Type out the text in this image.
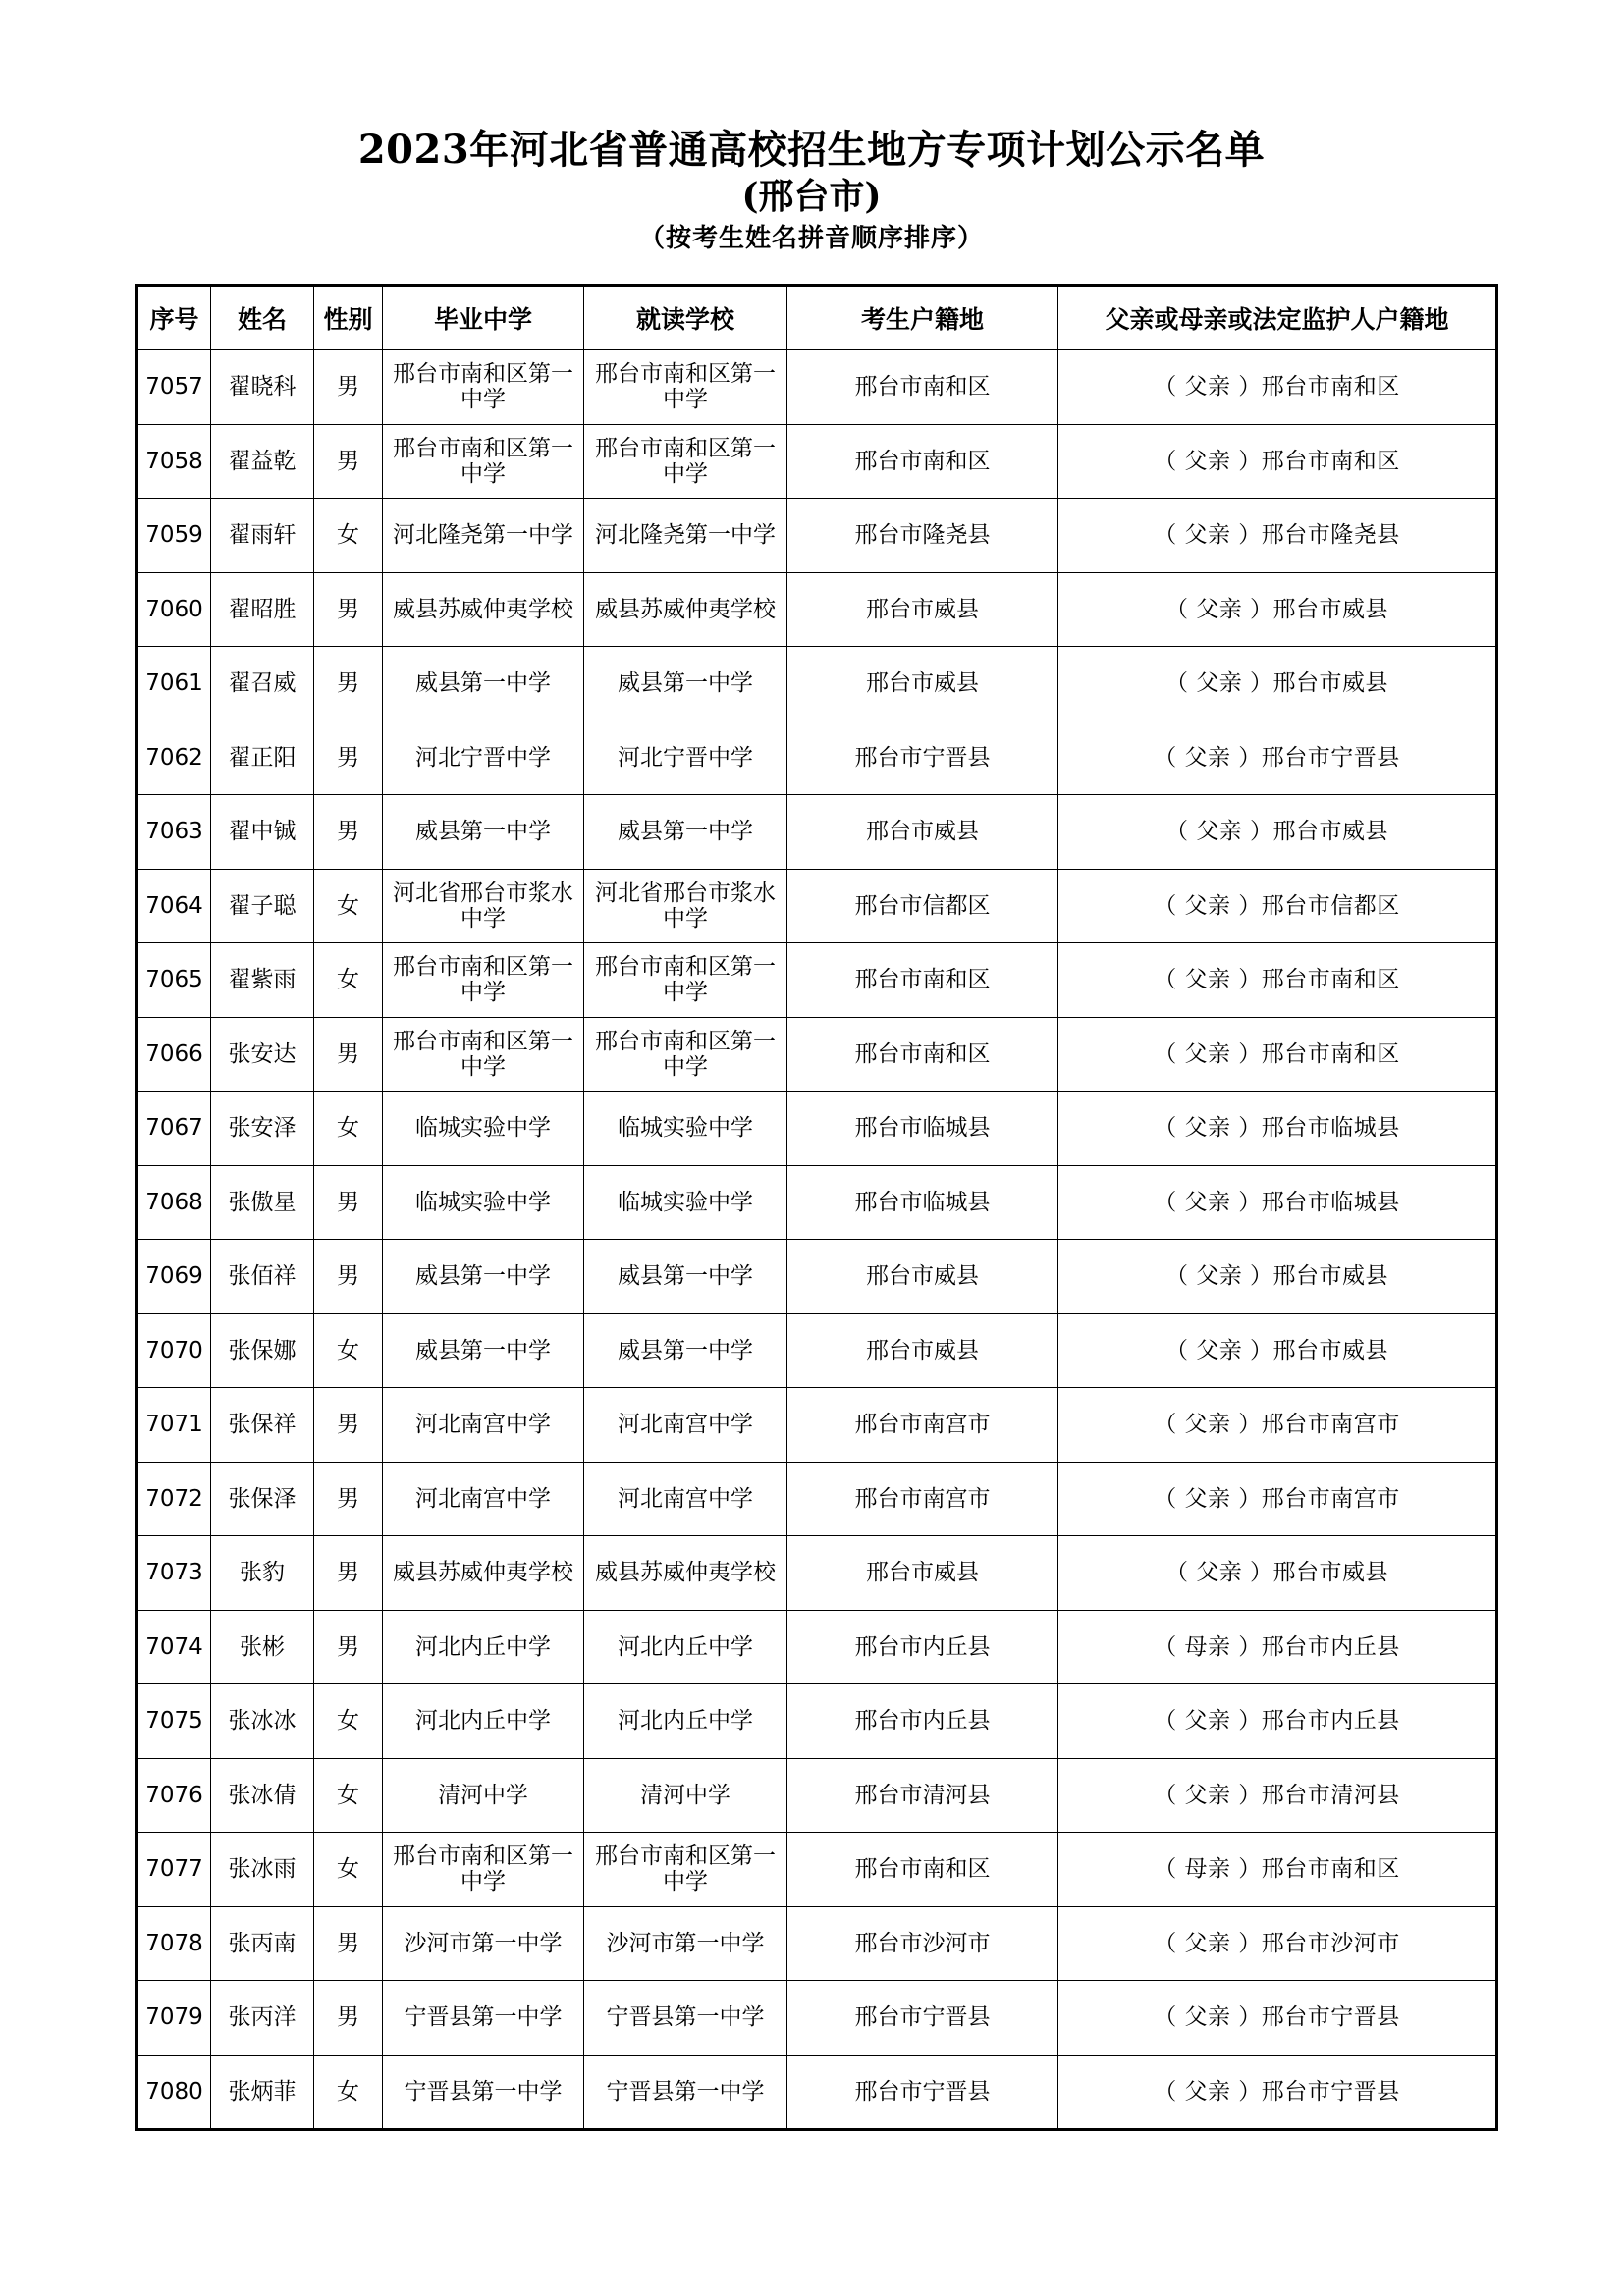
2023年河北省普通高校招生地方专项计划公示名单
(邢台市)
（按考生姓名拼音顺序排序）
序号	姓名	性别	毕业中学	就读学校	考生户籍地	父亲或母亲或法定监护人户籍地
7057	翟晓科	男	邢台市南和区第一中学	邢台市南和区第一中学	邢台市南和区	（ 父亲 ）邢台市南和区
7058	翟益乾	男	邢台市南和区第一中学	邢台市南和区第一中学	邢台市南和区	（ 父亲 ）邢台市南和区
7059	翟雨轩	女	河北隆尧第一中学	河北隆尧第一中学	邢台市隆尧县	（ 父亲 ）邢台市隆尧县
7060	翟昭胜	男	威县苏威仲夷学校	威县苏威仲夷学校	邢台市威县	（ 父亲 ）邢台市威县
7061	翟召威	男	威县第一中学	威县第一中学	邢台市威县	（ 父亲 ）邢台市威县
7062	翟正阳	男	河北宁晋中学	河北宁晋中学	邢台市宁晋县	（ 父亲 ）邢台市宁晋县
7063	翟中铖	男	威县第一中学	威县第一中学	邢台市威县	（ 父亲 ）邢台市威县
7064	翟子聪	女	河北省邢台市浆水中学	河北省邢台市浆水中学	邢台市信都区	（ 父亲 ）邢台市信都区
7065	翟紫雨	女	邢台市南和区第一中学	邢台市南和区第一中学	邢台市南和区	（ 父亲 ）邢台市南和区
7066	张安达	男	邢台市南和区第一中学	邢台市南和区第一中学	邢台市南和区	（ 父亲 ）邢台市南和区
7067	张安泽	女	临城实验中学	临城实验中学	邢台市临城县	（ 父亲 ）邢台市临城县
7068	张傲星	男	临城实验中学	临城实验中学	邢台市临城县	（ 父亲 ）邢台市临城县
7069	张佰祥	男	威县第一中学	威县第一中学	邢台市威县	（ 父亲 ）邢台市威县
7070	张保娜	女	威县第一中学	威县第一中学	邢台市威县	（ 父亲 ）邢台市威县
7071	张保祥	男	河北南宫中学	河北南宫中学	邢台市南宫市	（ 父亲 ）邢台市南宫市
7072	张保泽	男	河北南宫中学	河北南宫中学	邢台市南宫市	（ 父亲 ）邢台市南宫市
7073	张豹	男	威县苏威仲夷学校	威县苏威仲夷学校	邢台市威县	（ 父亲 ）邢台市威县
7074	张彬	男	河北内丘中学	河北内丘中学	邢台市内丘县	（ 母亲 ）邢台市内丘县
7075	张冰冰	女	河北内丘中学	河北内丘中学	邢台市内丘县	（ 父亲 ）邢台市内丘县
7076	张冰倩	女	清河中学	清河中学	邢台市清河县	（ 父亲 ）邢台市清河县
7077	张冰雨	女	邢台市南和区第一中学	邢台市南和区第一中学	邢台市南和区	（ 母亲 ）邢台市南和区
7078	张丙南	男	沙河市第一中学	沙河市第一中学	邢台市沙河市	（ 父亲 ）邢台市沙河市
7079	张丙洋	男	宁晋县第一中学	宁晋县第一中学	邢台市宁晋县	（ 父亲 ）邢台市宁晋县
7080	张炳菲	女	宁晋县第一中学	宁晋县第一中学	邢台市宁晋县	（ 父亲 ）邢台市宁晋县
